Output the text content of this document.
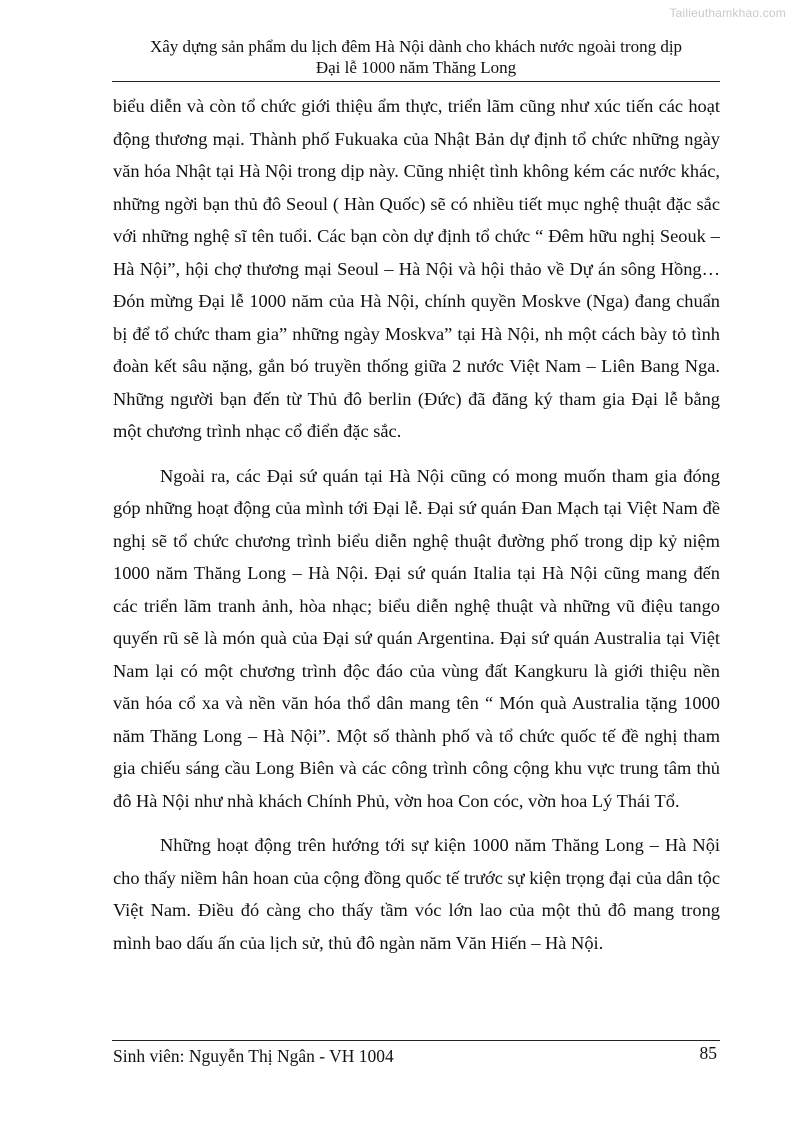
Tailieuthamkhao.com
Xây dựng sản phẩm du lịch đêm Hà Nội dành cho khách nước ngoài trong dịp
Đại lễ 1000 năm Thăng Long

biểu diễn và còn tổ chức giới thiệu ẩm thực, triển lãm cũng như xúc tiến các hoạt động thương mại. Thành phố Fukuaka của Nhật Bản dự định tổ chức những ngày văn hóa Nhật tại Hà Nội trong dịp này. Cũng nhiệt tình không kém các nước khác, những ngời bạn thủ đô Seoul ( Hàn Quốc) sẽ có nhiều tiết mục nghệ thuật đặc sắc với những nghệ sĩ tên tuổi. Các bạn còn dự định tổ chức “ Đêm hữu nghị Seouk – Hà Nội”, hội chợ thương mại Seoul – Hà Nội và hội thảo về Dự án sông Hồng…Đón mừng Đại lễ 1000 năm của Hà Nội, chính quyền Moskve (Nga) đang chuẩn bị để tổ chức tham gia” những ngày Moskva” tại Hà Nội, nh một cách bày tỏ tình đoàn kết sâu nặng, gắn bó truyền thống giữa 2 nước Việt Nam – Liên Bang Nga. Những người bạn đến từ Thủ đô berlin (Đức) đã đăng ký tham gia Đại lễ bằng một chương trình nhạc cổ điển đặc sắc.

Ngoài ra, các Đại sứ quán tại Hà Nội cũng có mong muốn tham gia đóng góp những hoạt động của mình tới Đại lễ. Đại sứ quán Đan Mạch tại Việt Nam đề nghị sẽ tổ chức chương trình biểu diễn nghệ thuật đường phố trong dịp kỷ niệm 1000 năm Thăng Long – Hà Nội. Đại sứ quán Italia tại Hà Nội cũng mang đến các triển lãm tranh ảnh, hòa nhạc; biểu diễn nghệ thuật và những vũ điệu tango quyến rũ sẽ là món quà của Đại sứ quán Argentina. Đại sứ quán Australia tại Việt Nam lại có một chương trình độc đáo của vùng đất Kangkuru là giới thiệu nền văn hóa cổ xa và nền văn hóa thổ dân mang tên “ Món quà Australia tặng 1000 năm Thăng Long – Hà Nội”. Một số thành phố và tổ chức quốc tế đề nghị tham gia chiếu sáng cầu Long Biên và các công trình công cộng khu vực trung tâm thủ đô Hà Nội như nhà khách Chính Phủ, vờn hoa Con cóc, vờn hoa Lý Thái Tổ.

Những hoạt động trên hướng tới sự kiện 1000 năm Thăng Long – Hà Nội cho thấy niềm hân hoan của cộng đồng quốc tế trước sự kiện trọng đại của dân tộc Việt Nam. Điều đó càng cho thấy tầm vóc lớn lao của một thủ đô mang trong mình bao dấu ấn của lịch sử, thủ đô ngàn năm Văn Hiến – Hà Nội.

Sinh viên: Nguyễn Thị Ngân - VH 1004	85
